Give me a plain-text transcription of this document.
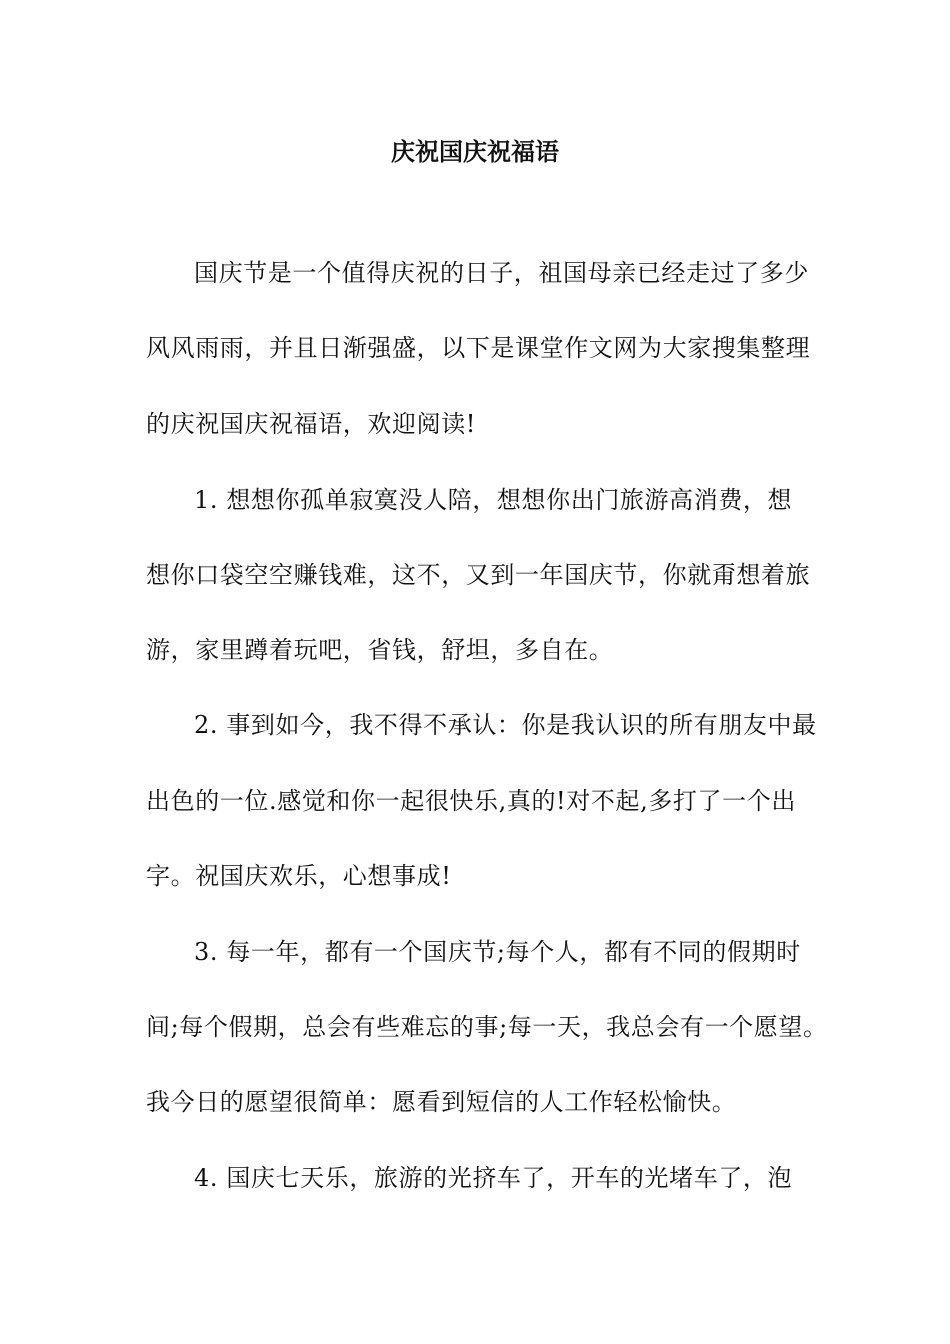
庆祝国庆祝福语
国庆节是一个值得庆祝的日子，祖国母亲已经走过了多少
风风雨雨，并且日渐强盛，以下是课堂作文网为大家搜集整理
的庆祝国庆祝福语，欢迎阅读!
1. 想想你孤单寂寞没人陪，想想你出门旅游高消费，想
想你口袋空空赚钱难，这不，又到一年国庆节，你就甭想着旅
游，家里蹲着玩吧，省钱，舒坦，多自在。
2. 事到如今，我不得不承认：你是我认识的所有朋友中最
出色的一位.感觉和你一起很快乐,真的!对不起,多打了一个出
字。祝国庆欢乐，心想事成!
3. 每一年，都有一个国庆节;每个人，都有不同的假期时
间;每个假期，总会有些难忘的事;每一天，我总会有一个愿望。
我今日的愿望很简单：愿看到短信的人工作轻松愉快。
4. 国庆七天乐，旅游的光挤车了，开车的光堵车了，泡
